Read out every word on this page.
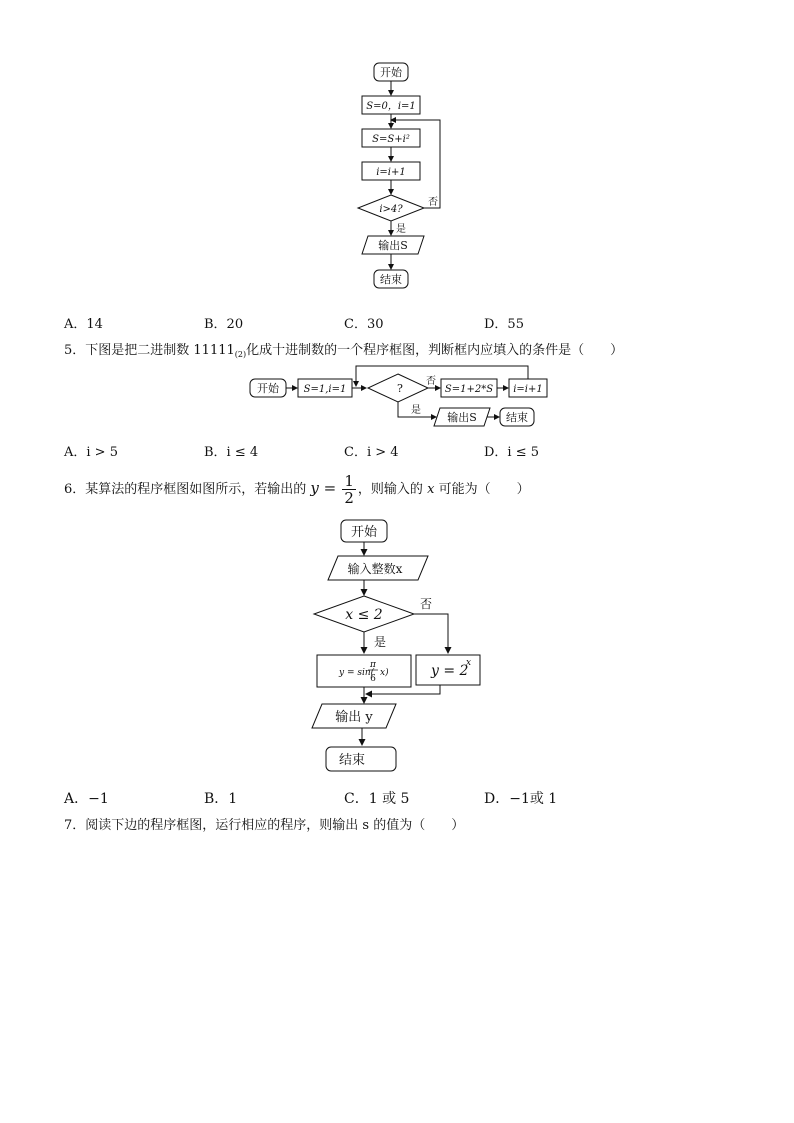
开始
S=0，i=1
S=S+i²
i=i+1
i>4?
否
是
输出S
结束
A．14	B．20	C．30	D．55
5．下图是把二进制数 $11111_{(2)}$化成十进制数的一个程序框图，判断框内应填入的条件是（　　）
开始 S=1,i=1	?
否
S=1+2*S i=i+1
是
输出S	结束
A．i > 5	B．i ≤ 4	C．i > 4	D．i ≤ 5
6．某算法的程序框图如图所示，若输出的 $y = \frac{1}{2}$ ，则输入的 x 可能为（　　）
开始
输入整数x
x ≤ 2
否
是
y = sin(
π
6
x)	y = 2
x
输出 y
结束
A．−1	B．1	C．1 或 5	D．−1或 1
7．阅读下边的程序框图，运行相应的程序，则输出 s 的值为（　　）
